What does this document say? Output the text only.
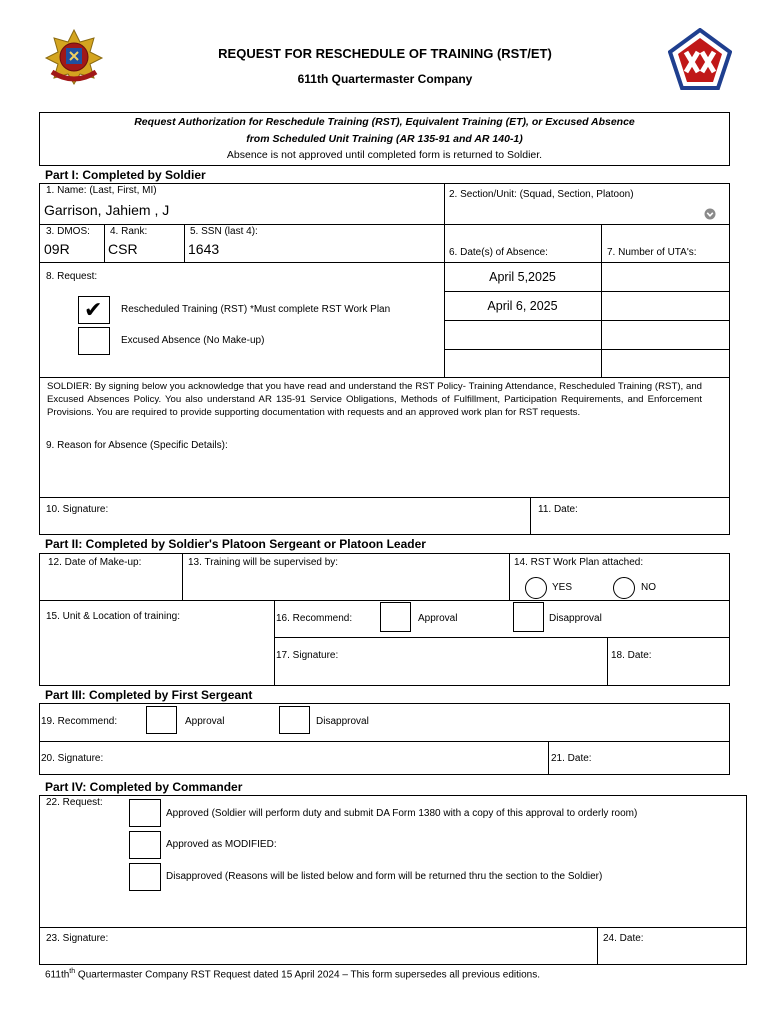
REQUEST FOR RESCHEDULE OF TRAINING (RST/ET)
611th Quartermaster Company
Request Authorization for Reschedule Training (RST), Equivalent Training (ET), or Excused Absence
from Scheduled Unit Training (AR 135-91 and AR 140-1)
Absence is not approved until completed form is returned to Soldier.
Part I: Completed by Soldier
1. Name: (Last, First, MI)
Garrison, Jahiem , J
2. Section/Unit: (Squad, Section, Platoon)
3. DMOS:
09R
4. Rank:
CSR
5. SSN (last 4):
1643	6. Date(s) of Absence:	7. Number of UTA's:
8. Request:	April 5,2025
April 6, 2025
✔ Rescheduled Training (RST) *Must complete RST Work Plan
Excused Absence (No Make-up)
SOLDIER: By signing below you acknowledge that you have read and understand the RST Policy- Training Attendance, Rescheduled Training (RST), and Excused Absences Policy. You also understand AR 135-91 Service Obligations, Methods of Fulfillment, Participation Requirements, and Enforcement Provisions. You are required to provide supporting documentation with requests and an approved work plan for RST requests.
9. Reason for Absence (Specific Details):
10. Signature:	11. Date:
Part II: Completed by Soldier's Platoon Sergeant or Platoon Leader
12. Date of Make-up:	13. Training will be supervised by:	14. RST Work Plan attached:
YES	NO
15. Unit & Location of training:	16. Recommend:	Approval	Disapproval
17. Signature:	18. Date:
Part III: Completed by First Sergeant
19. Recommend:	Approval	Disapproval
20. Signature:	21. Date:
Part IV: Completed by Commander
22. Request:
Approved (Soldier will perform duty and submit DA Form 1380 with a copy of this approval to orderly room)
Approved as MODIFIED:
Disapproved (Reasons will be listed below and form will be returned thru the section to the Soldier)
23. Signature:	24. Date:
$611th^{th}$ Quartermaster Company RST Request dated 15 April 2024 – This form supersedes all previous editions.
